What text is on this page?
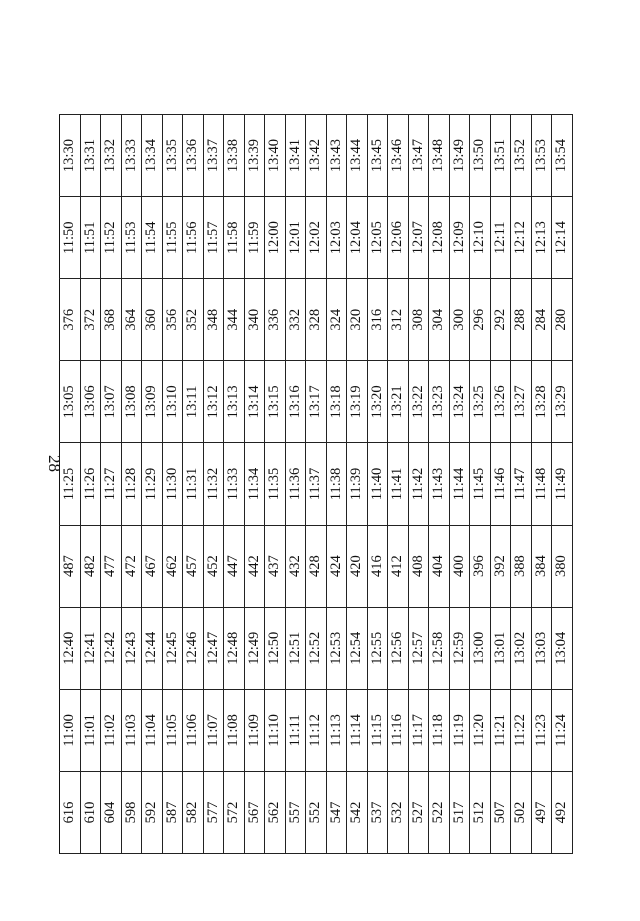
28
616	11:00	12:40	487	11:25	13:05	376	11:50	13:30
610	11:01	12:41	482	11:26	13:06	372	11:51	13:31
604	11:02	12:42	477	11:27	13:07	368	11:52	13:32
598	11:03	12:43	472	11:28	13:08	364	11:53	13:33
592	11:04	12:44	467	11:29	13:09	360	11:54	13:34
587	11:05	12:45	462	11:30	13:10	356	11:55	13:35
582	11:06	12:46	457	11:31	13:11	352	11:56	13:36
577	11:07	12:47	452	11:32	13:12	348	11:57	13:37
572	11:08	12:48	447	11:33	13:13	344	11:58	13:38
567	11:09	12:49	442	11:34	13:14	340	11:59	13:39
562	11:10	12:50	437	11:35	13:15	336	12:00	13:40
557	11:11	12:51	432	11:36	13:16	332	12:01	13:41
552	11:12	12:52	428	11:37	13:17	328	12:02	13:42
547	11:13	12:53	424	11:38	13:18	324	12:03	13:43
542	11:14	12:54	420	11:39	13:19	320	12:04	13:44
537	11:15	12:55	416	11:40	13:20	316	12:05	13:45
532	11:16	12:56	412	11:41	13:21	312	12:06	13:46
527	11:17	12:57	408	11:42	13:22	308	12:07	13:47
522	11:18	12:58	404	11:43	13:23	304	12:08	13:48
517	11:19	12:59	400	11:44	13:24	300	12:09	13:49
512	11:20	13:00	396	11:45	13:25	296	12:10	13:50
507	11:21	13:01	392	11:46	13:26	292	12:11	13:51
502	11:22	13:02	388	11:47	13:27	288	12:12	13:52
497	11:23	13:03	384	11:48	13:28	284	12:13	13:53
492	11:24	13:04	380	11:49	13:29	280	12:14	13:54
